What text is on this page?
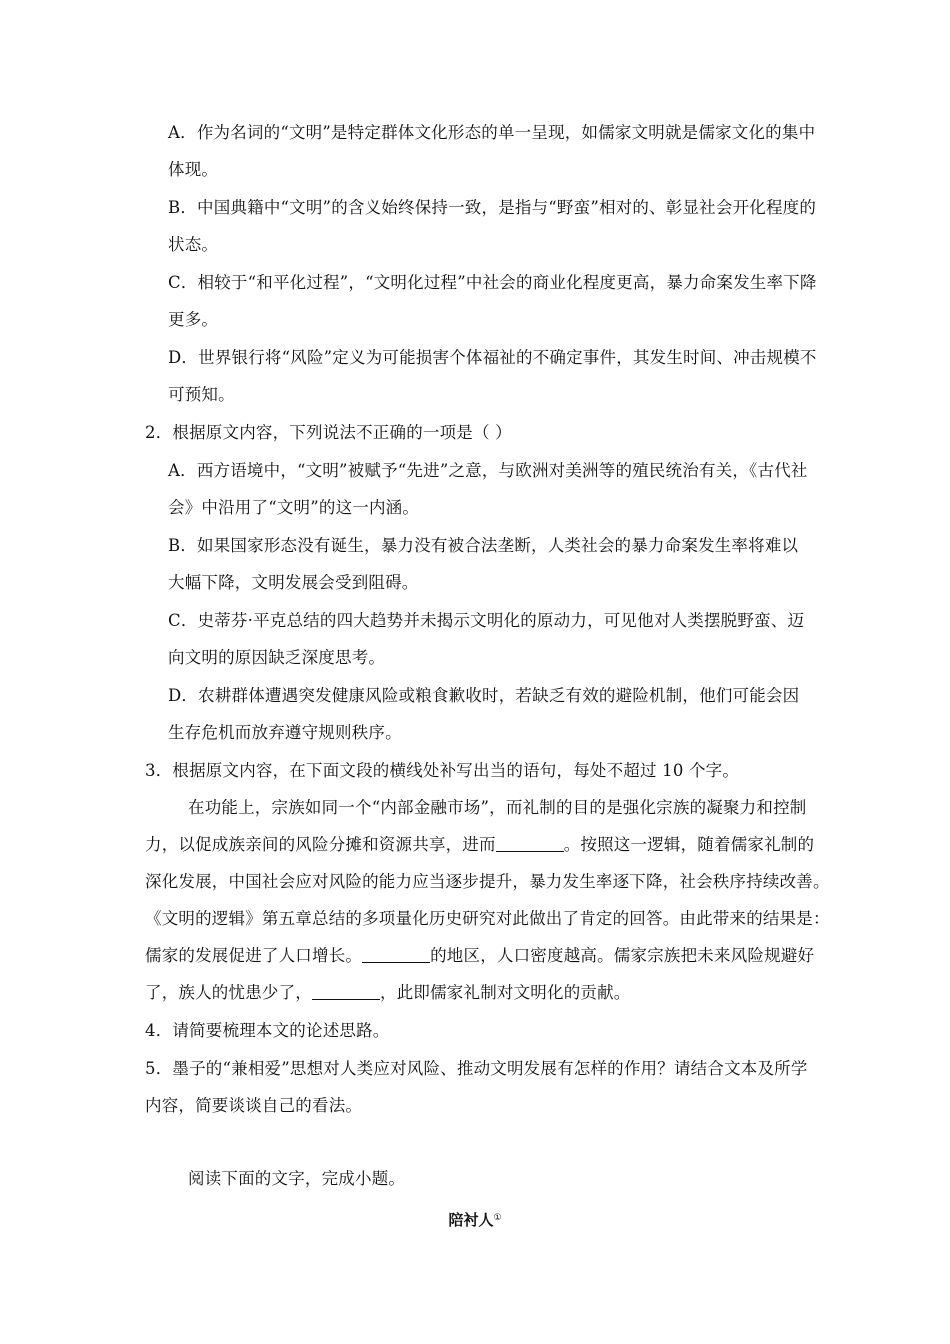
A．作为名词的“文明”是特定群体文化形态的单一呈现，如儒家文明就是儒家文化的集中
体现。
B．中国典籍中“文明”的含义始终保持一致，是指与“野蛮”相对的、彰显社会开化程度的
状态。
C．相较于“和平化过程”，“文明化过程”中社会的商业化程度更高，暴力命案发生率下降
更多。
D．世界银行将“风险”定义为可能损害个体福祉的不确定事件，其发生时间、冲击规模不
可预知。
2．根据原文内容，下列说法不正确的一项是（ ）
A．西方语境中，“文明”被赋予“先进”之意，与欧洲对美洲等的殖民统治有关，《古代社
会》中沿用了“文明”的这一内涵。
B．如果国家形态没有诞生，暴力没有被合法垄断，人类社会的暴力命案发生率将难以
大幅下降，文明发展会受到阻碍。
C．史蒂芬·平克总结的四大趋势并未揭示文明化的原动力，可见他对人类摆脱野蛮、迈
向文明的原因缺乏深度思考。
D．农耕群体遭遇突发健康风险或粮食歉收时，若缺乏有效的避险机制，他们可能会因
生存危机而放弃遵守规则秩序。
3．根据原文内容，在下面文段的横线处补写出当的语句，每处不超过 10 个字。
在功能上，宗族如同一个“内部金融市场”，而礼制的目的是强化宗族的凝聚力和控制
力，以促成族亲间的风险分摊和资源共享，进而	。按照这一逻辑，随着儒家礼制的
深化发展，中国社会应对风险的能力应当逐步提升，暴力发生率逐下降，社会秩序持续改善。
《文明的逻辑》第五章总结的多项量化历史研究对此做出了肯定的回答。由此带来的结果是：
儒家的发展促进了人口增长。	的地区，人口密度越高。儒家宗族把未来风险规避好
了，族人的忧患少了，	，此即儒家礼制对文明化的贡献。
4．请简要梳理本文的论述思路。
5．墨子的“兼相爱”思想对人类应对风险、推动文明发展有怎样的作用？请结合文本及所学
内容，简要谈谈自己的看法。
阅读下面的文字，完成小题。
陪衬人①
